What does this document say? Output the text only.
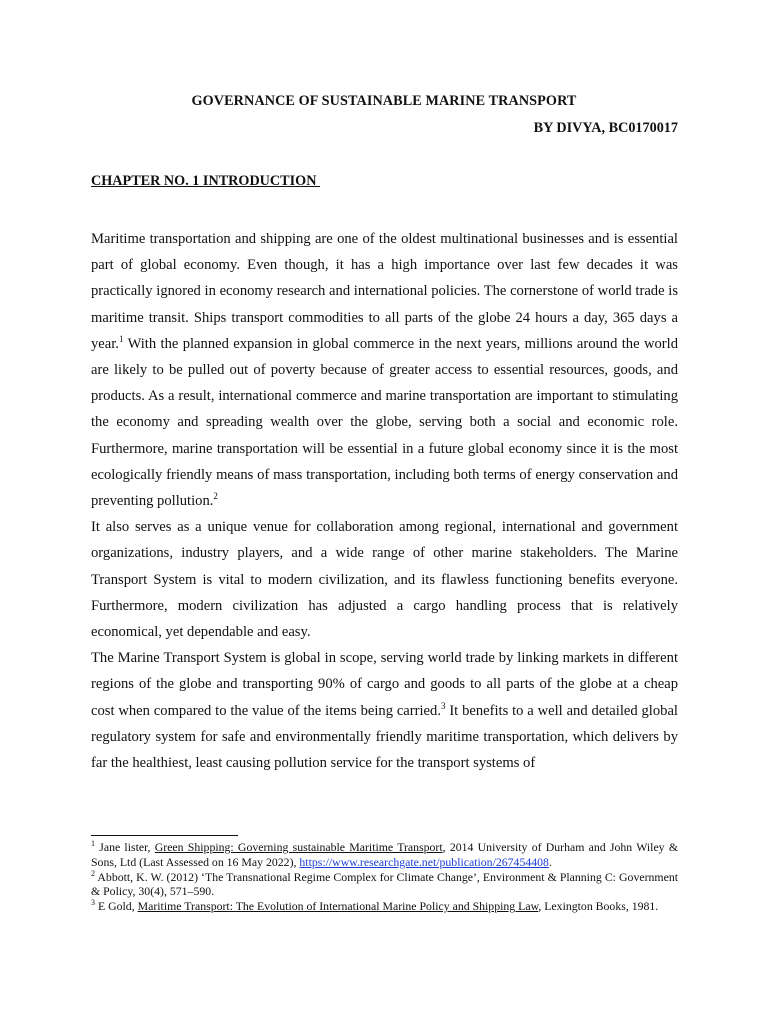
GOVERNANCE OF SUSTAINABLE MARINE TRANSPORT
BY DIVYA, BC0170017
CHAPTER NO. 1 INTRODUCTION

Maritime transportation and shipping are one of the oldest multinational businesses and is essential part of global economy. Even though, it has a high importance over last few decades it was practically ignored in economy research and international policies. The cornerstone of world trade is maritime transit. Ships transport commodities to all parts of the globe 24 hours a day, 365 days a year.$^1$ With the planned expansion in global commerce in the next years, millions around the world are likely to be pulled out of poverty because of greater access to essential resources, goods, and products. As a result, international commerce and marine transportation are important to stimulating the economy and spreading wealth over the globe, serving both a social and economic role. Furthermore, marine transportation will be essential in a future global economy since it is the most ecologically friendly means of mass transportation, including both terms of energy conservation and preventing pollution.$^2$

It also serves as a unique venue for collaboration among regional, international and government organizations, industry players, and a wide range of other marine stakeholders. The Marine Transport System is vital to modern civilization, and its flawless functioning benefits everyone. Furthermore, modern civilization has adjusted a cargo handling process that is relatively economical, yet dependable and easy.

The Marine Transport System is global in scope, serving world trade by linking markets in different regions of the globe and transporting 90% of cargo and goods to all parts of the globe at a cheap cost when compared to the value of the items being carried.$^3$ It benefits to a well and detailed global regulatory system for safe and environmentally friendly maritime transportation, which delivers by far the healthiest, least causing pollution service for the transport systems of

$^1$ Jane lister, Green Shipping: Governing sustainable Maritime Transport, 2014 University of Durham and John Wiley & Sons, Ltd (Last Assessed on 16 May 2022), https://www.researchgate.net/publication/267454408.

$^2$ Abbott, K. W. (2012) ‘The Transnational Regime Complex for Climate Change’, Environment & Planning C: Government & Policy, 30(4), 571–590.

$^3$ E Gold, Maritime Transport: The Evolution of International Marine Policy and Shipping Law, Lexington Books, 1981.
